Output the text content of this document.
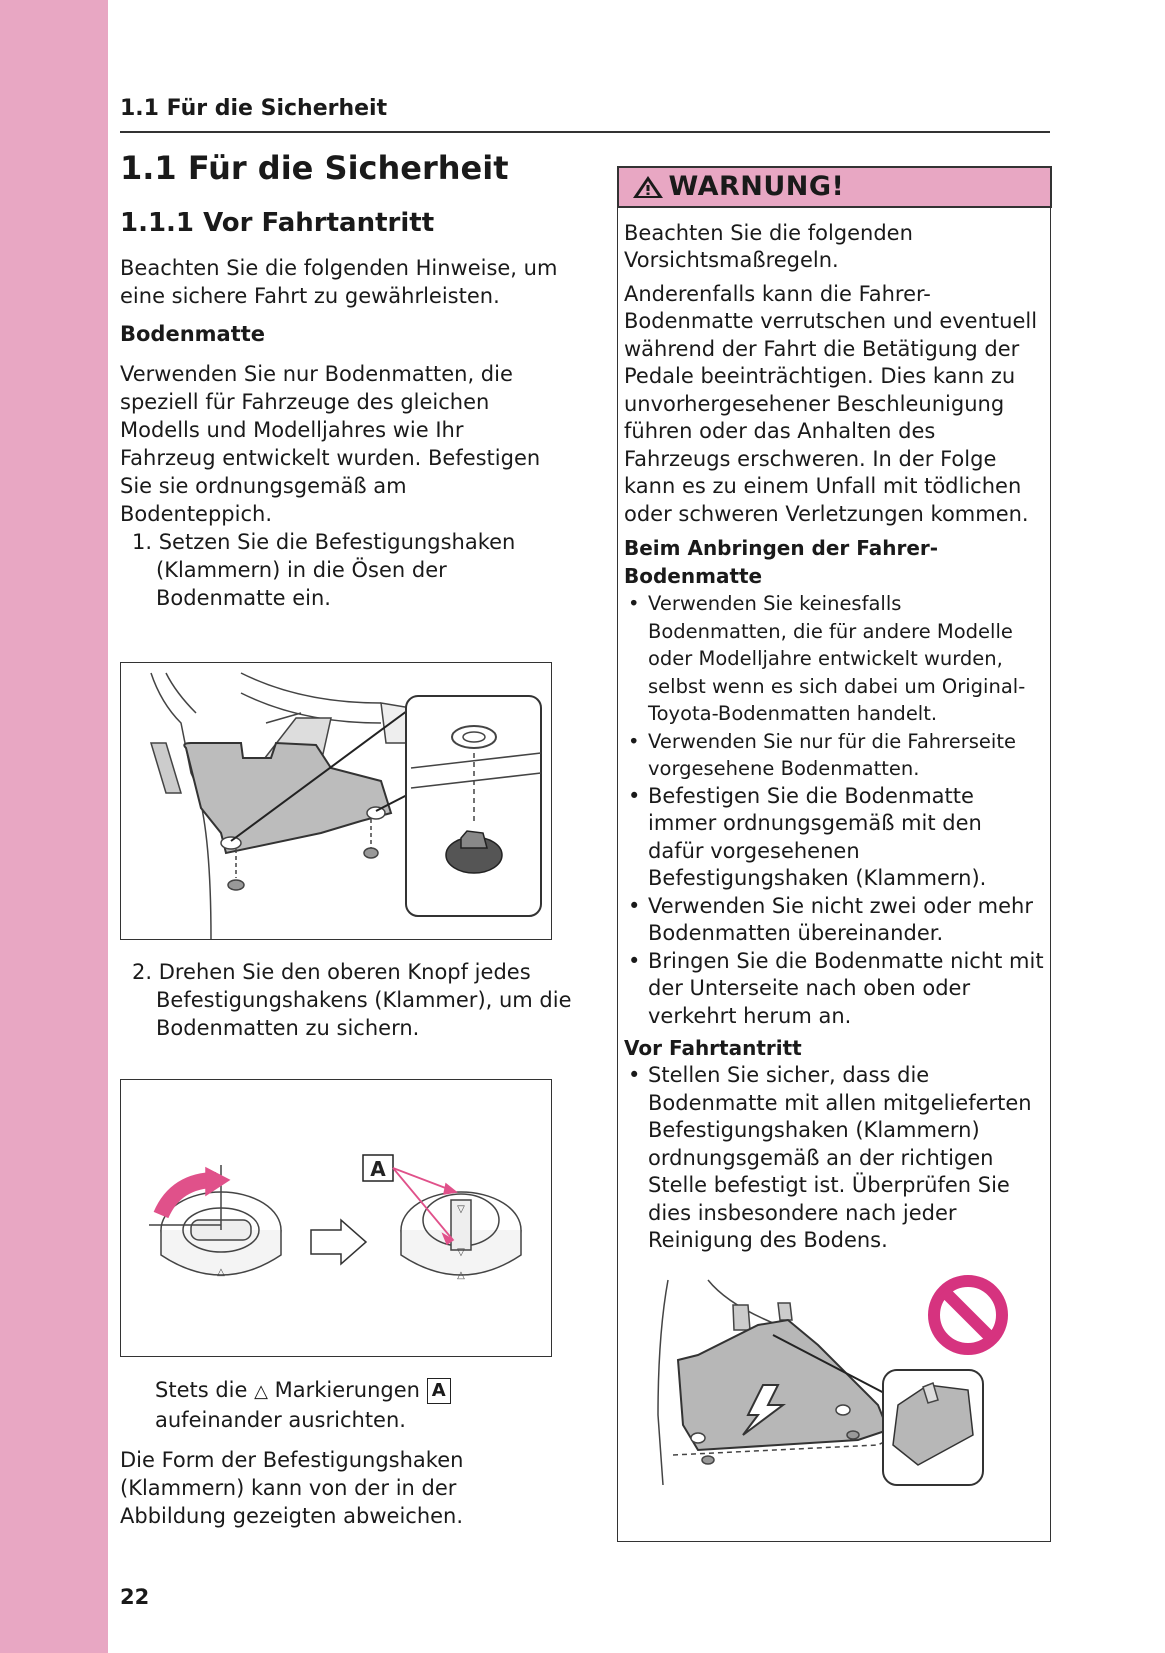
1.1 Für die Sicherheit
1.1 Für die Sicherheit
1.1.1 Vor Fahrtantritt

Beachten Sie die folgenden Hinweise, um eine sichere Fahrt zu gewährleisten.

Bodenmatte

Verwenden Sie nur Bodenmatten, die speziell für Fahrzeuge des gleichen Modells und Modelljahres wie Ihr Fahrzeug entwickelt wurden. Befestigen Sie sie ordnungsgemäß am Bodenteppich.

1. Setzen Sie die Befestigungshaken (Klammern) in die Ösen der Bodenmatte ein.

2. Drehen Sie den oberen Knopf jedes Befestigungshakens (Klammer), um die Bodenmatten zu sichern.

△
▽
▽
△
A
Stets die △ Markierungen A
aufeinander ausrichten.
Die Form der Befestigungshaken (Klammern) kann von der in der Abbildung gezeigten abweichen.
22
WARNUNG!

Beachten Sie die folgenden Vorsichtsmaßregeln.

Anderenfalls kann die Fahrer-Bodenmatte verrutschen und eventuell während der Fahrt die Betätigung der Pedale beeinträchtigen. Dies kann zu unvorhergesehener Beschleunigung führen oder das Anhalten des Fahrzeugs erschweren. In der Folge kann es zu einem Unfall mit tödlichen oder schweren Verletzungen kommen.

Beim Anbringen der Fahrer-Bodenmatte
• Verwenden Sie keinesfalls Bodenmatten, die für andere Modelle oder Modelljahre entwickelt wurden, selbst wenn es sich dabei um Original-Toyota-Bodenmatten handelt.
• Verwenden Sie nur für die Fahrerseite vorgesehene Bodenmatten.
• Befestigen Sie die Bodenmatte immer ordnungsgemäß mit den dafür vorgesehenen Befestigungshaken (Klammern).
• Verwenden Sie nicht zwei oder mehr Bodenmatten übereinander.
• Bringen Sie die Bodenmatte nicht mit der Unterseite nach oben oder verkehrt herum an.
Vor Fahrtantritt
• Stellen Sie sicher, dass die Bodenmatte mit allen mitgelieferten Befestigungshaken (Klammern) ordnungsgemäß an der richtigen Stelle befestigt ist. Überprüfen Sie dies insbesondere nach jeder Reinigung des Bodens.
